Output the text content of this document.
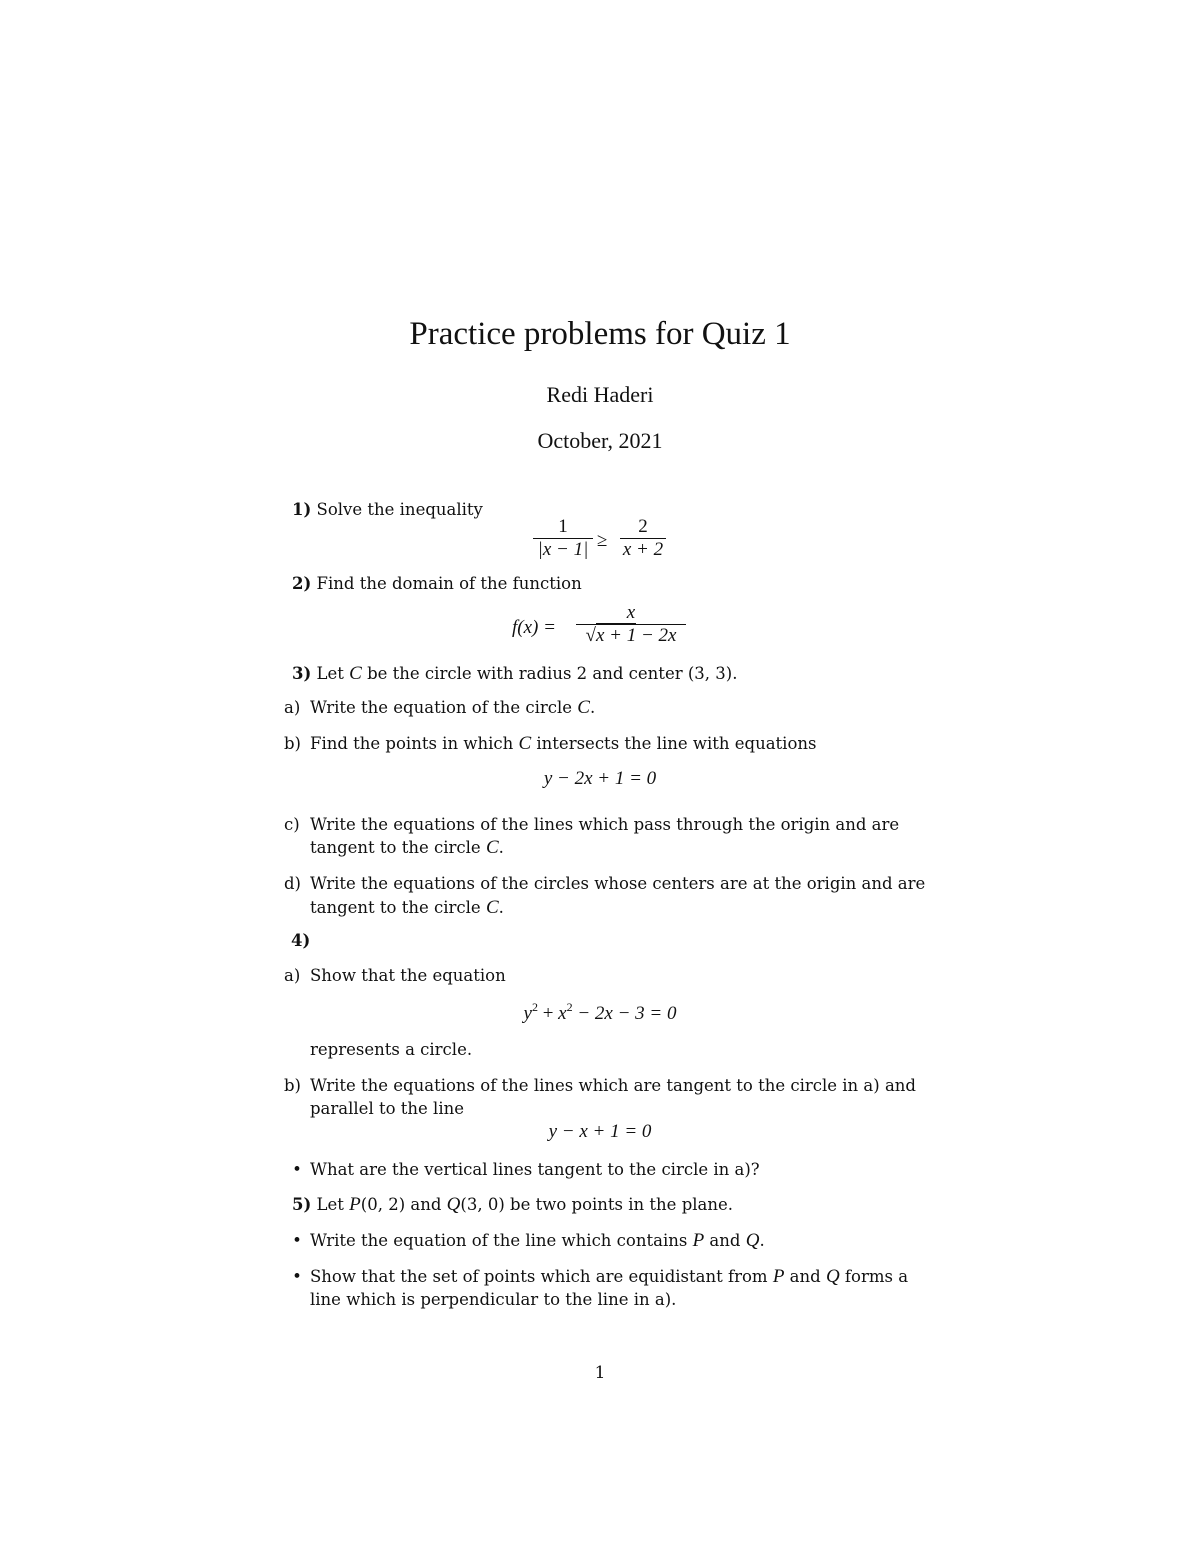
Practice problems for Quiz 1
Redi Haderi
October, 2021
1) Solve the inequality
1
|x − 1| ≥
2
x + 2
2) Find the domain of the function
f(x) =
x
√x + 1 − 2x
3) Let C be the circle with radius 2 and center (3, 3).
a) Write the equation of the circle C.
b) Find the points in which C intersects the line with equations
y − 2x + 1 = 0
c) Write the equations of the lines which pass through the origin and are
tangent to the circle C.
d) Write the equations of the circles whose centers are at the origin and are
tangent to the circle C.
4)
a) Show that the equation
$y^2 + x^2 - 2x - 3 = 0$
represents a circle.
b) Write the equations of the lines which are tangent to the circle in a) and
parallel to the line
y − x + 1 = 0
• What are the vertical lines tangent to the circle in a)?
5) Let P(0, 2) and Q(3, 0) be two points in the plane.
• Write the equation of the line which contains P and Q.
• Show that the set of points which are equidistant from P and Q forms a
line which is perpendicular to the line in a).
1
